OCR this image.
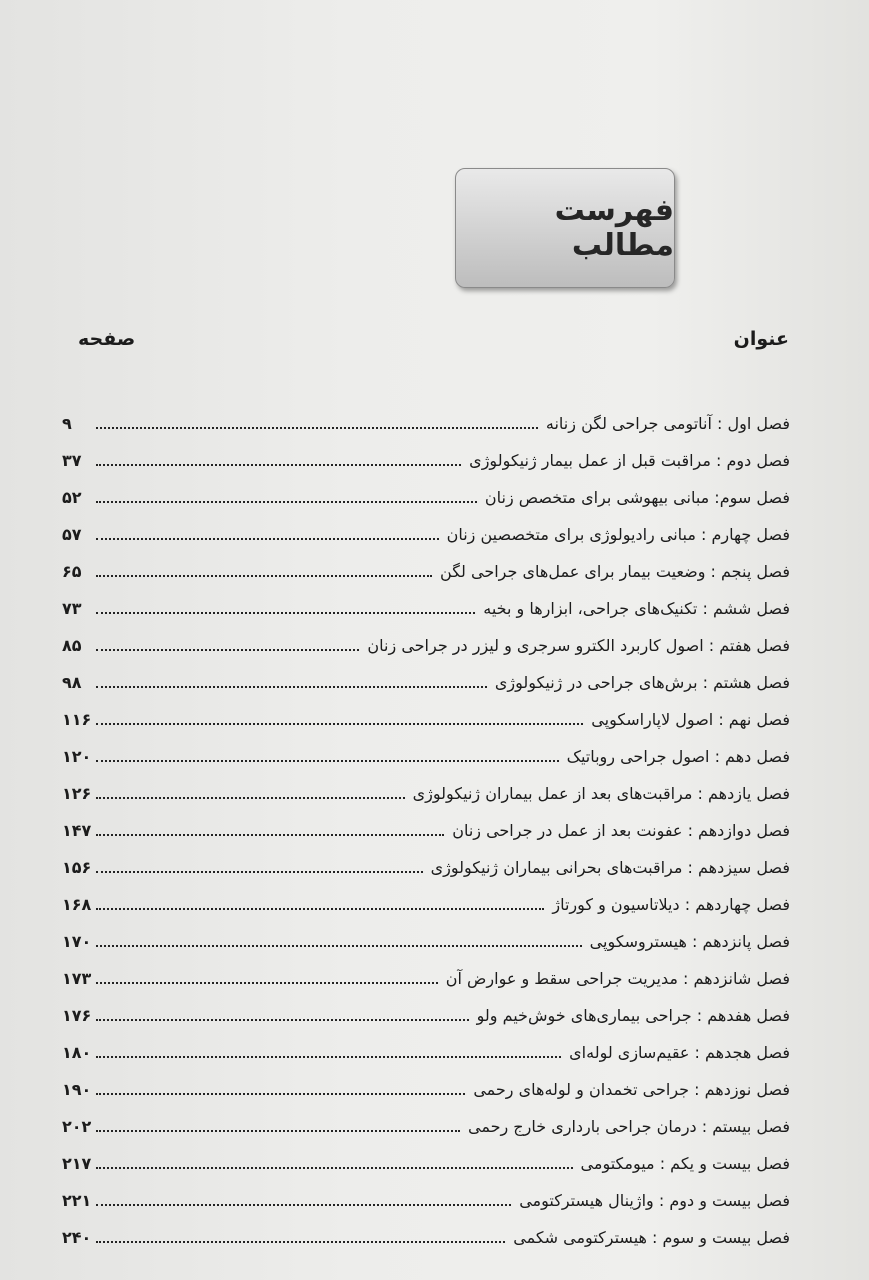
فهرست مطالب
عنوان
صفحه
فصل اول : آناتومی جراحی لگن زنانه
۹
فصل دوم : مراقبت قبل از عمل بیمار ژنیکولوژی
۳۷
فصل سوم: مبانی بیهوشی برای متخصص زنان
۵۲
فصل چهارم : مبانی رادیولوژی برای متخصصین زنان
۵۷
فصل پنجم : وضعیت بیمار برای عمل‌های جراحی لگن
۶۵
فصل ششم : تکنیک‌های جراحی، ابزارها و بخیه
۷۳
فصل هفتم : اصول کاربرد الکترو سرجری و لیزر در جراحی زنان
۸۵
فصل هشتم : برش‌های جراحی در ژنیکولوژی
۹۸
فصل نهم : اصول لاپاراسکوپی
۱۱۶
فصل دهم : اصول جراحی روباتیک
۱۲۰
فصل یازدهم : مراقبت‌های بعد از عمل بیماران ژنیکولوژی
۱۲۶
فصل دوازدهم : عفونت بعد از عمل در جراحی زنان
۱۴۷
فصل سیزدهم : مراقبت‌های بحرانی بیماران ژنیکولوژی
۱۵۶
فصل چهاردهم : دیلاتاسیون و کورتاژ
۱۶۸
فصل پانزدهم : هیستروسکوپی
۱۷۰
فصل شانزدهم : مدیریت جراحی سقط و عوارض آن
۱۷۳
فصل هفدهم : جراحی بیماری‌های خوش‌خیم ولو
۱۷۶
فصل هجدهم : عقیم‌سازی لوله‌ای
۱۸۰
فصل نوزدهم : جراحی تخمدان و لوله‌های رحمی
۱۹۰
فصل بیستم : درمان جراحی بارداری خارج رحمی
۲۰۲
فصل بیست و یکم : میومکتومی
۲۱۷
فصل بیست و دوم : واژینال هیسترکتومی
۲۲۱
فصل بیست و سوم : هیسترکتومی شکمی
۲۴۰
